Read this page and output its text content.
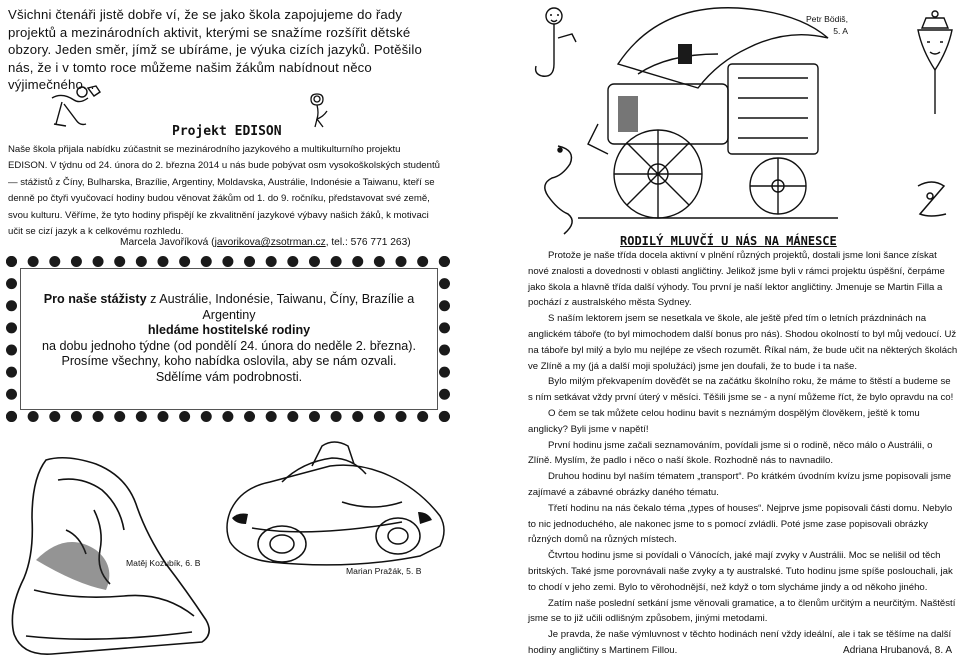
Všichni čtenáři jistě dobře ví, že se jako škola zapojujeme do řady projektů a mezinárodních aktivit, kterými se snažíme rozšířit dětské obzory. Jeden směr, jímž se ubíráme, je výuka cizích jazyků. Potěšilo nás, že i v tomto roce můžeme našim žákům nabídnout něco výjimečného...
Projekt EDISON
Naše škola přijala nabídku zúčastnit se mezinárodního jazykového a multikulturního projektu EDISON. V týdnu od 24. února do 2. března 2014 u nás bude pobývat osm vysokoškolských studentů — stážistů z Číny, Bulharska, Brazílie, Argentiny, Moldavska, Austrálie, Indonésie a Taiwanu, kteří se denně po čtyři vyučovací hodiny budou věnovat žákům od 1. do 9. ročníku, představovat své země, svou kulturu. Věříme, že tyto hodiny přispějí ke zkvalitnění jazykové výbavy našich žáků, k motivaci učit se cizí jazyk a k celkovému rozhledu.
Marcela Javoříková (javorikova@zsotrman.cz, tel.: 576 771 263)
Pro naše stážisty z Austrálie, Indonésie, Taiwanu, Číny, Brazílie a Argentiny
hledáme hostitelské rodiny
na dobu jednoho týdne (od pondělí 24. února do neděle 2. března).
Prosíme všechny, koho nabídka oslovila, aby se nám ozvali.
Sdělíme vám podrobnosti.
Matěj Kozubík, 6. B
Marian Pražák, 5. B
Petr Bödiš,
5. A
RODILÝ MLUVČÍ U NÁS NA MÁNESCE

Protože je naše třída docela aktivní v plnění různých projektů, dostali jsme loni šance získat nové znalosti a dovednosti v oblasti angličtiny. Jelikož jsme byli v rámci projektu úspěšní, čerpáme jako škola a hlavně třída další výhody. Tou první je naší lektor angličtiny. Jmenuje se Martin Filla a pochází z australského města Sydney.

S naším lektorem jsem se nesetkala ve škole, ale ještě před tím o letních prázdninách na anglickém táboře (to byl mimochodem další bonus pro nás). Shodou okolností to byl můj vedoucí. Už na táboře byl milý a bylo mu nejlépe ze všech rozumět. Říkal nám, že bude učit na některých školách ve Zlíně a my (já a další moji spolužáci) jsme jen doufali, že to bude i ta naše.

Bylo milým překvapením dověďět se na začátku školního roku, že máme to štěstí a budeme se s ním setkávat vždy první úterý v měsíci. Těšili jsme se - a nyní můžeme říct, že bylo opravdu na co!

O čem se tak můžete celou hodinu bavit s neznámým dospělým člověkem, ještě k tomu anglicky? Byli jsme v napětí!

První hodinu jsme začali seznamováním, povídali jsme si o rodině, něco málo o Austrálii, o Zlíně. Myslím, že padlo i něco o naší škole. Rozhodně nás to navnadilo.

Druhou hodinu byl naším tématem „transport“. Po krátkém úvodním kvízu jsme popisovali jsme zajímavé a zábavné obrázky daného tématu.

Třetí hodinu na nás čekalo téma „types of houses“. Nejprve jsme popisovali části domu. Nebylo to nic jednoduchého, ale nakonec jsme to s pomocí zvládli. Poté jsme zase popisovali obrázky různých domů na různých místech.

Čtvrtou hodinu jsme si povídali o Vánocích, jaké mají zvyky v Austrálii. Moc se nelišil od těch britských. Také jsme porovnávali naše zvyky a ty australské. Tuto hodinu jsme spíše poslouchali, jak to chodí v jeho zemi. Bylo to věrohodnější, než když o tom slycháme jindy a od někoho jiného.

Zatím naše poslední setkání jsme věnovali gramatice, a to členům určitým a neurčitým. Naštěstí jsme se to již učili odlišným způsobem, jinými metodami.

Je pravda, že naše výmluvnost v těchto hodinách není vždy ideální, ale i tak se těšíme na další hodiny angličtiny s Martinem Fillou.	Adriana Hrubanová, 8. A
